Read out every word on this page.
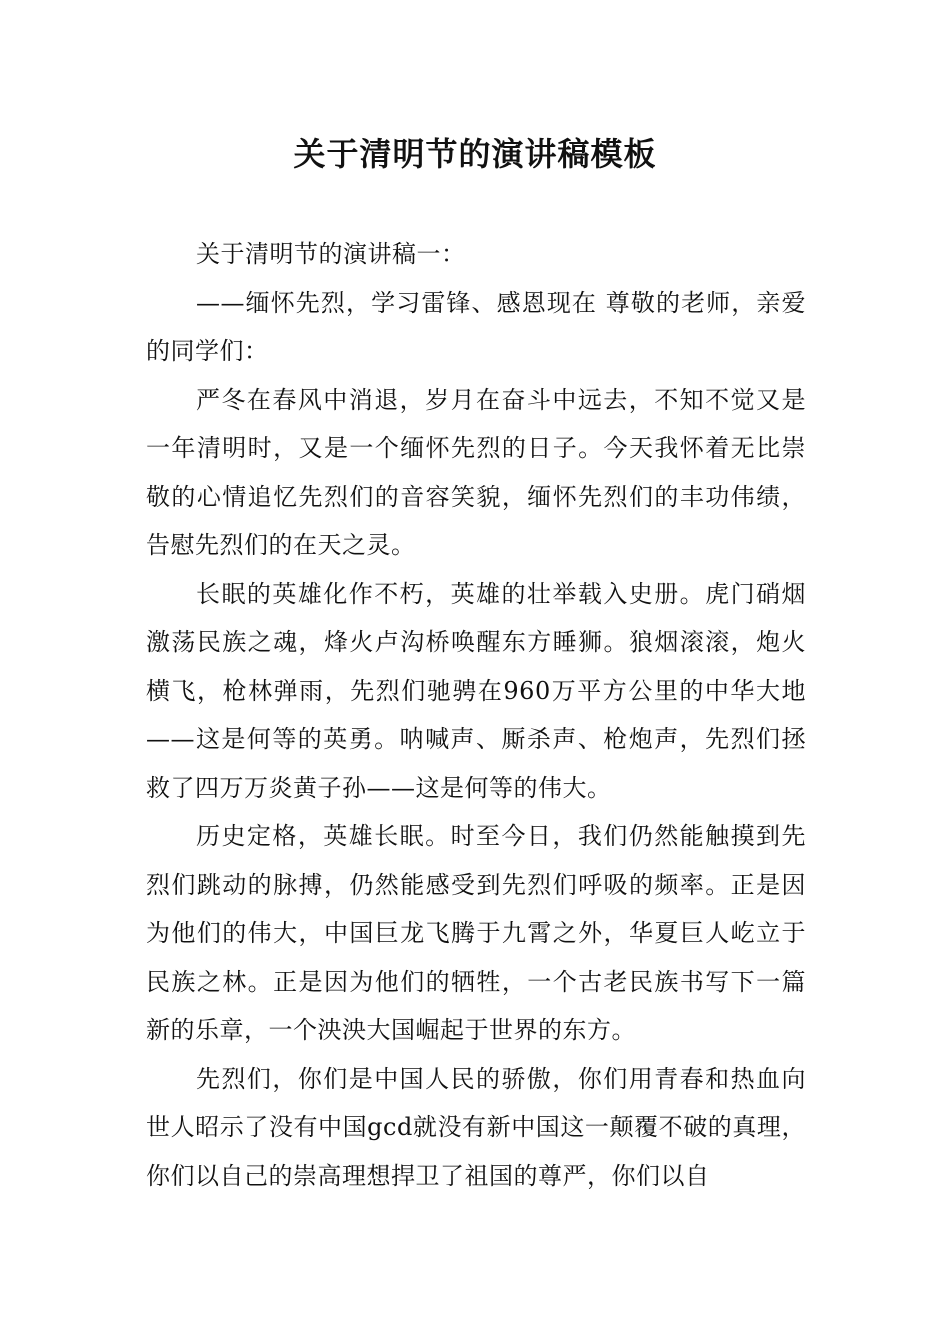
关于清明节的演讲稿模板

关于清明节的演讲稿一：

——缅怀先烈，学习雷锋、感恩现在 尊敬的老师，亲爱的同学们：

严冬在春风中消退，岁月在奋斗中远去，不知不觉又是一年清明时，又是一个缅怀先烈的日子。今天我怀着无比崇敬的心情追忆先烈们的音容笑貌，缅怀先烈们的丰功伟绩，告慰先烈们的在天之灵。

长眠的英雄化作不朽，英雄的壮举载入史册。虎门硝烟激荡民族之魂，烽火卢沟桥唤醒东方睡狮。狼烟滚滚，炮火横飞，枪林弹雨，先烈们驰骋在960万平方公里的中华大地——这是何等的英勇。呐喊声、厮杀声、枪炮声，先烈们拯救了四万万炎黄子孙——这是何等的伟大。

历史定格，英雄长眠。时至今日，我们仍然能触摸到先烈们跳动的脉搏，仍然能感受到先烈们呼吸的频率。正是因为他们的伟大，中国巨龙飞腾于九霄之外，华夏巨人屹立于民族之林。正是因为他们的牺牲，一个古老民族书写下一篇新的乐章，一个泱泱大国崛起于世界的东方。

先烈们，你们是中国人民的骄傲，你们用青春和热血向世人昭示了没有中国gcd就没有新中国这一颠覆不破的真理，你们以自己的崇高理想捍卫了祖国的尊严，你们以自
